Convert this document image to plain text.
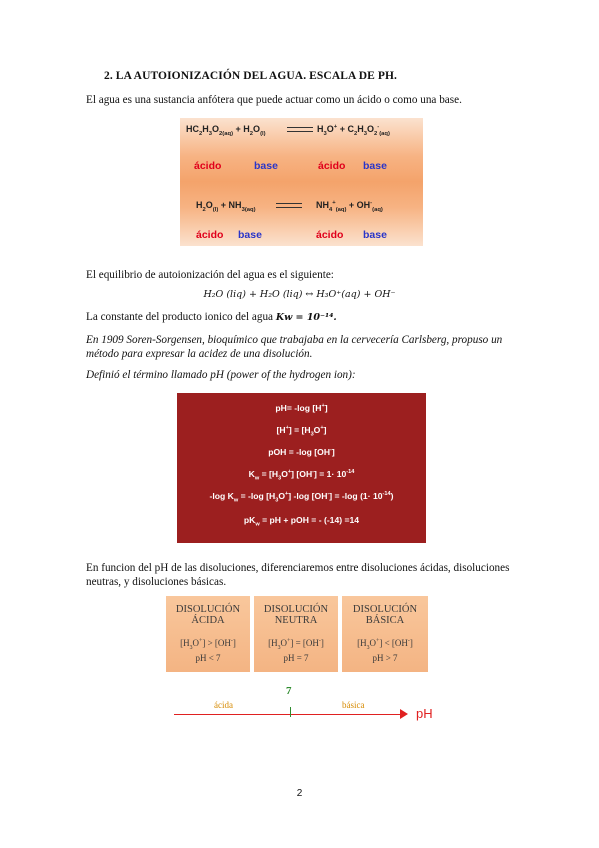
2. LA AUTOIONIZACIÓN DEL AGUA. ESCALA DE PH.
El agua es una sustancia anfótera que puede actuar como un ácido o como una base.
$HC_2H_3O_{2(aq)} + H_2O_{(l)}$	$H_3O^+ + C_2H_3O_2^-_{(aq)}$
ácido	base	ácido base
$H_2O_{(l)} + NH_{3(aq)}$	$NH_4^+_{(aq)} + OH^-_{(aq)}$
ácido base	ácido base
El equilibrio de autoionización del agua es el siguiente:
H₂O (liq) + H₂O (liq) ↔ H₃O⁺(aq) + OH⁻
La constante del producto ionico del agua Kw = 10⁻¹⁴.
En 1909 Soren-Sorgensen, bioquímico que trabajaba en la cervecería Carlsberg, propuso un método para expresar la acidez de una disolución.
Definió el término llamado pH (power of the hydrogen ion):
pH= -log [H+]
$[H^+] = [H_3O^+]$
pOH = -log [OH-]
$K_w = [H_3O^+] [OH^-] = 1\cdot 10^{-14}$
-log $K_w = -\log$ $[H_3O^+]$ -log [OH-] = -log $(1\cdot 10^{-14})$
$pK_w$ = pH + pOH = - (-14) =14
En funcion del pH de las disoluciones, diferenciaremos entre disoluciones ácidas, disoluciones neutras, y disoluciones básicas.
DISOLUCIÓN
ÁCIDA
$[H_3O^+] > [OH^-]$
pH < 7
DISOLUCIÓN
NEUTRA
$[H_3O^+] = [OH^-]$
pH = 7
DISOLUCIÓN
BÁSICA
$[H_3O^+] < [OH^-]$
pH > 7
7
ácida	básica
pH
2
